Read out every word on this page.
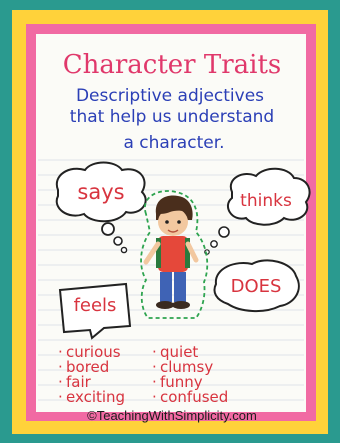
Character Traits
Descriptive adjectives
that help us understand
a character.
says	thinks
DOES
feels
curious
bored
fair
exciting
·
·
·
·
quiet
clumsy
funny
confused
·
·
·
·
©TeachingWithSimplicity.com
